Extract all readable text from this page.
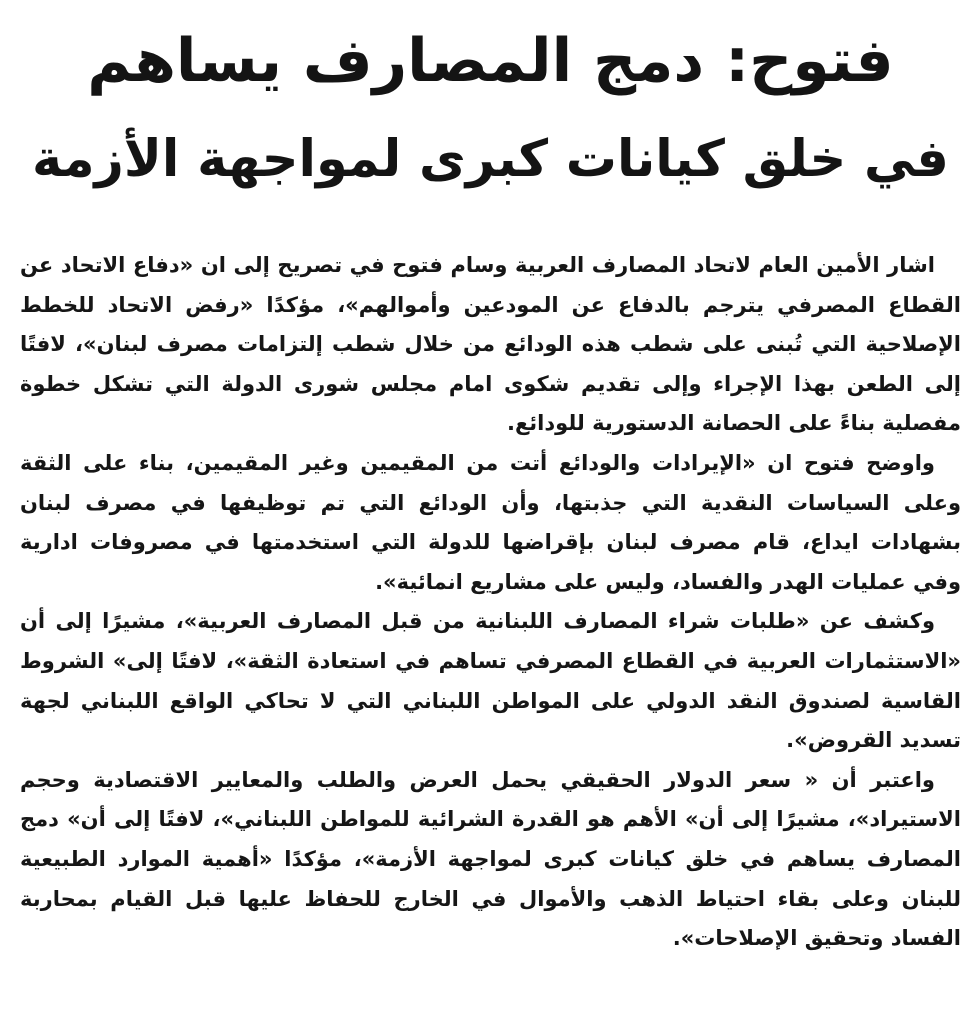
فتوح: دمج المصارف يساهم
في خلق كيانات كبرى لمواجهة الأزمة

اشار الأمين العام لاتحاد المصارف العربية وسام فتوح في تصريح إلى ان «دفاع الاتحاد عن القطاع المصرفي يترجم بالدفاع عن المودعين وأموالهم»، مؤكدًا «رفض الاتحاد للخطط الإصلاحية التي تُبنى على شطب هذه الودائع من خلال شطب إلتزامات مصرف لبنان»، لافتًا إلى الطعن بهذا الإجراء وإلى تقديم شكوى امام مجلس شورى الدولة التي تشكل خطوة مفصلية بناءً على الحصانة الدستورية للودائع.

واوضح فتوح ان «الإيرادات والودائع أتت من المقيمين وغير المقيمين، بناء على الثقة وعلى السياسات النقدية التي جذبتها، وأن الودائع التي تم توظيفها في مصرف لبنان بشهادات ايداع، قام مصرف لبنان بإقراضها للدولة التي استخدمتها في مصروفات ادارية وفي عمليات الهدر والفساد، وليس على مشاريع انمائية».

وكشف عن «طلبات شراء المصارف اللبنانية من قبل المصارف العربية»، مشيرًا إلى أن «الاستثمارات العربية في القطاع المصرفي تساهم في استعادة الثقة»، لافتًا إلى» الشروط القاسية لصندوق النقد الدولي على المواطن اللبناني التي لا تحاكي الواقع اللبناني لجهة تسديد القروض».

واعتبر أن « سعر الدولار الحقيقي يحمل العرض والطلب والمعايير الاقتصادية وحجم الاستيراد»، مشيرًا إلى أن» الأهم هو القدرة الشرائية للمواطن اللبناني»، لافتًا إلى أن» دمج المصارف يساهم في خلق كيانات كبرى لمواجهة الأزمة»، مؤكدًا «أهمية الموارد الطبيعية للبنان وعلى بقاء احتياط الذهب والأموال في الخارج للحفاظ عليها قبل القيام بمحاربة الفساد وتحقيق الإصلاحات».
